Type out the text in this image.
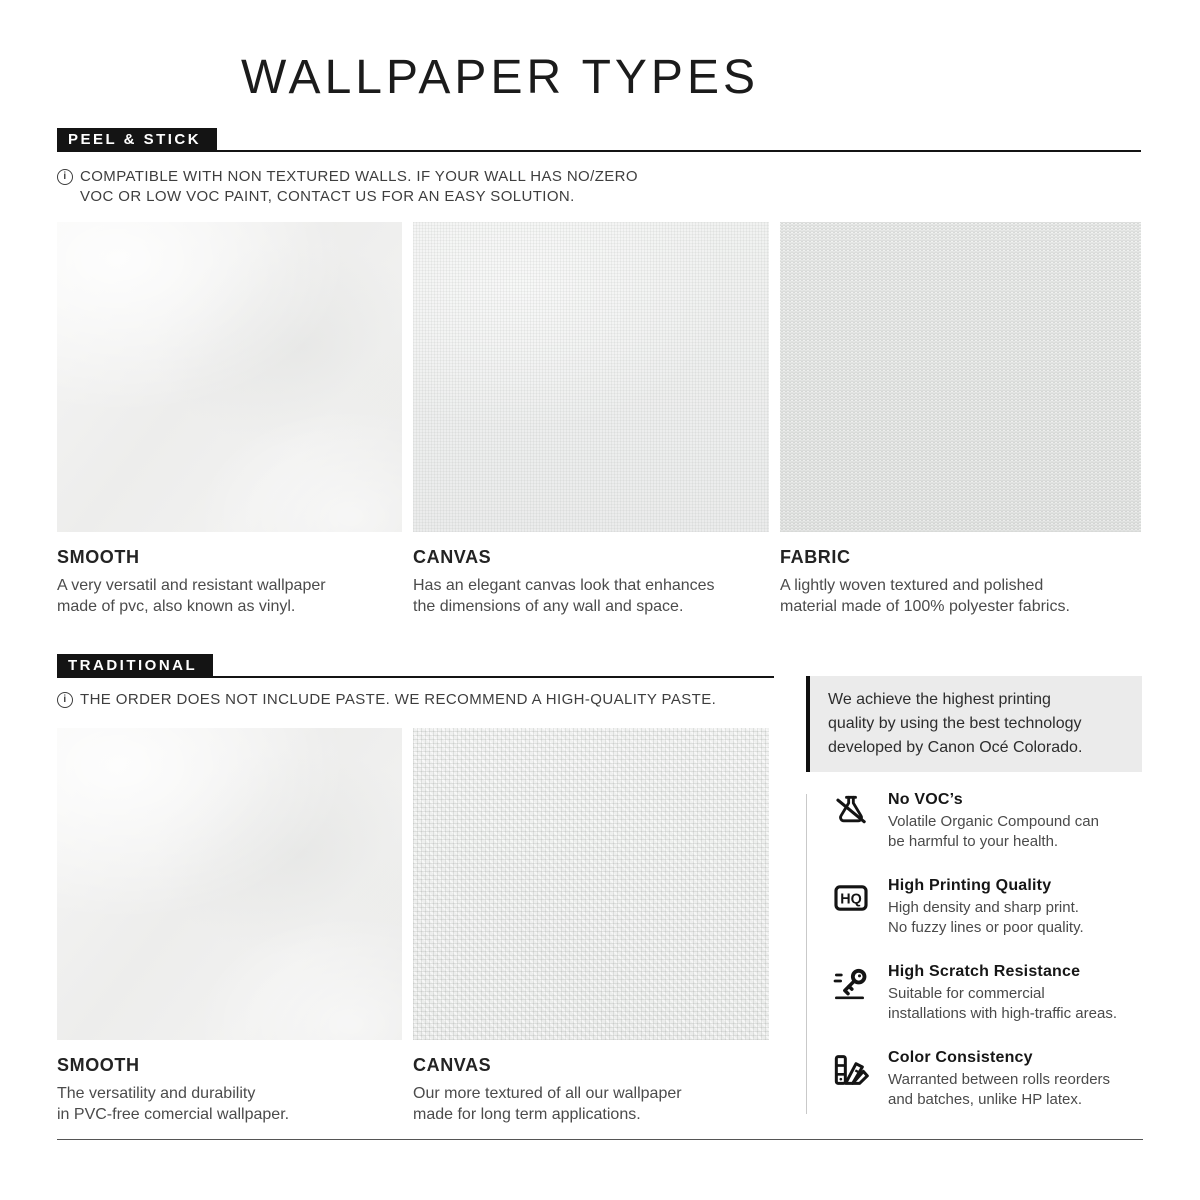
WALLPAPER TYPES
PEEL & STICK
i COMPATIBLE WITH NON TEXTURED WALLS. IF YOUR WALL HAS NO/ZERO
VOC OR LOW VOC PAINT, CONTACT US FOR AN EASY SOLUTION.
SMOOTH
A very versatil and resistant wallpaper
made of pvc, also known as vinyl.
CANVAS
Has an elegant canvas look that enhances
the dimensions of any wall and space.
FABRIC
A lightly woven textured and polished
material made of 100% polyester fabrics.
TRADITIONAL
i THE ORDER DOES NOT INCLUDE PASTE. WE RECOMMEND A HIGH-QUALITY PASTE.
SMOOTH
The versatility and durability
in PVC-free comercial wallpaper.
CANVAS
Our more textured of all our wallpaper
made for long term applications.
We achieve the highest printing
quality by using the best technology
developed by Canon Océ Colorado.
No VOC’s
Volatile Organic Compound can
be harmful to your health.
HQ
High Printing Quality
High density and sharp print.
No fuzzy lines or poor quality.
High Scratch Resistance
Suitable for commercial
installations with high-traffic areas.
Color Consistency
Warranted between rolls reorders
and batches, unlike HP latex.
